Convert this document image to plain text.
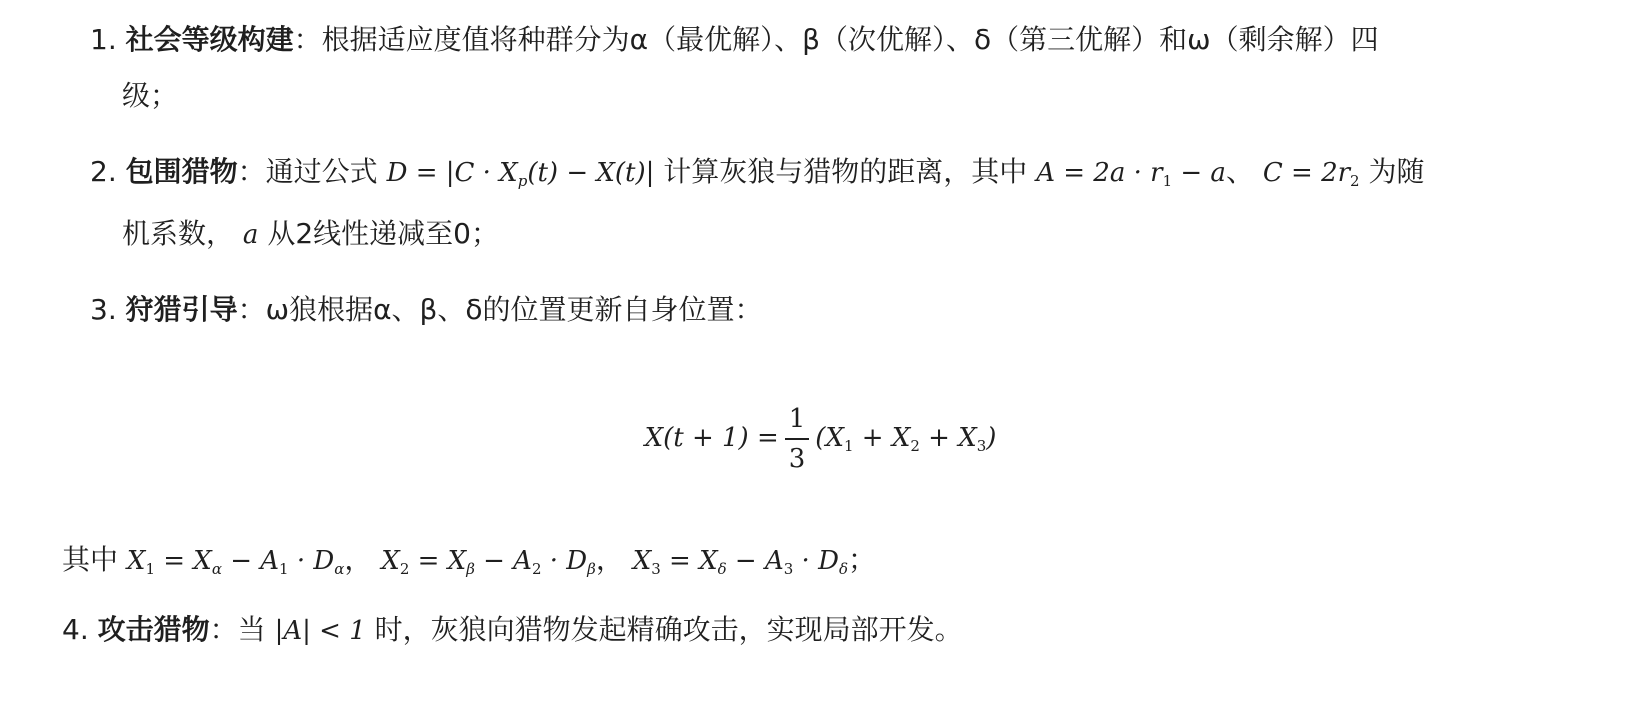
1. 社会等级构建：根据适应度值将种群分为α（最优解）、β（次优解）、δ（第三优解）和ω（剩余解）四
级；
2. 包围猎物：通过公式 $D = |C \cdot X_p(t) - X(t)|$ 计算灰狼与猎物的距离，其中 $A = 2a \cdot r_1 - a$、 $C = 2r_2$ 为随
机系数， a 从2线性递减至0；
3. 狩猎引导：ω狼根据α、β、δ的位置更新自身位置：
$X(t + 1) = \frac{1}{3} (X_1 + X_2 + X_3)$
其中 $X_1 = X_\alpha - A_1 \cdot D_\alpha$， $X_2 = X_\beta - A_2 \cdot D_\beta$， $X_3 = X_\delta - A_3 \cdot D_\delta$；
4. 攻击猎物：当 |A| < 1 时，灰狼向猎物发起精确攻击，实现局部开发。
